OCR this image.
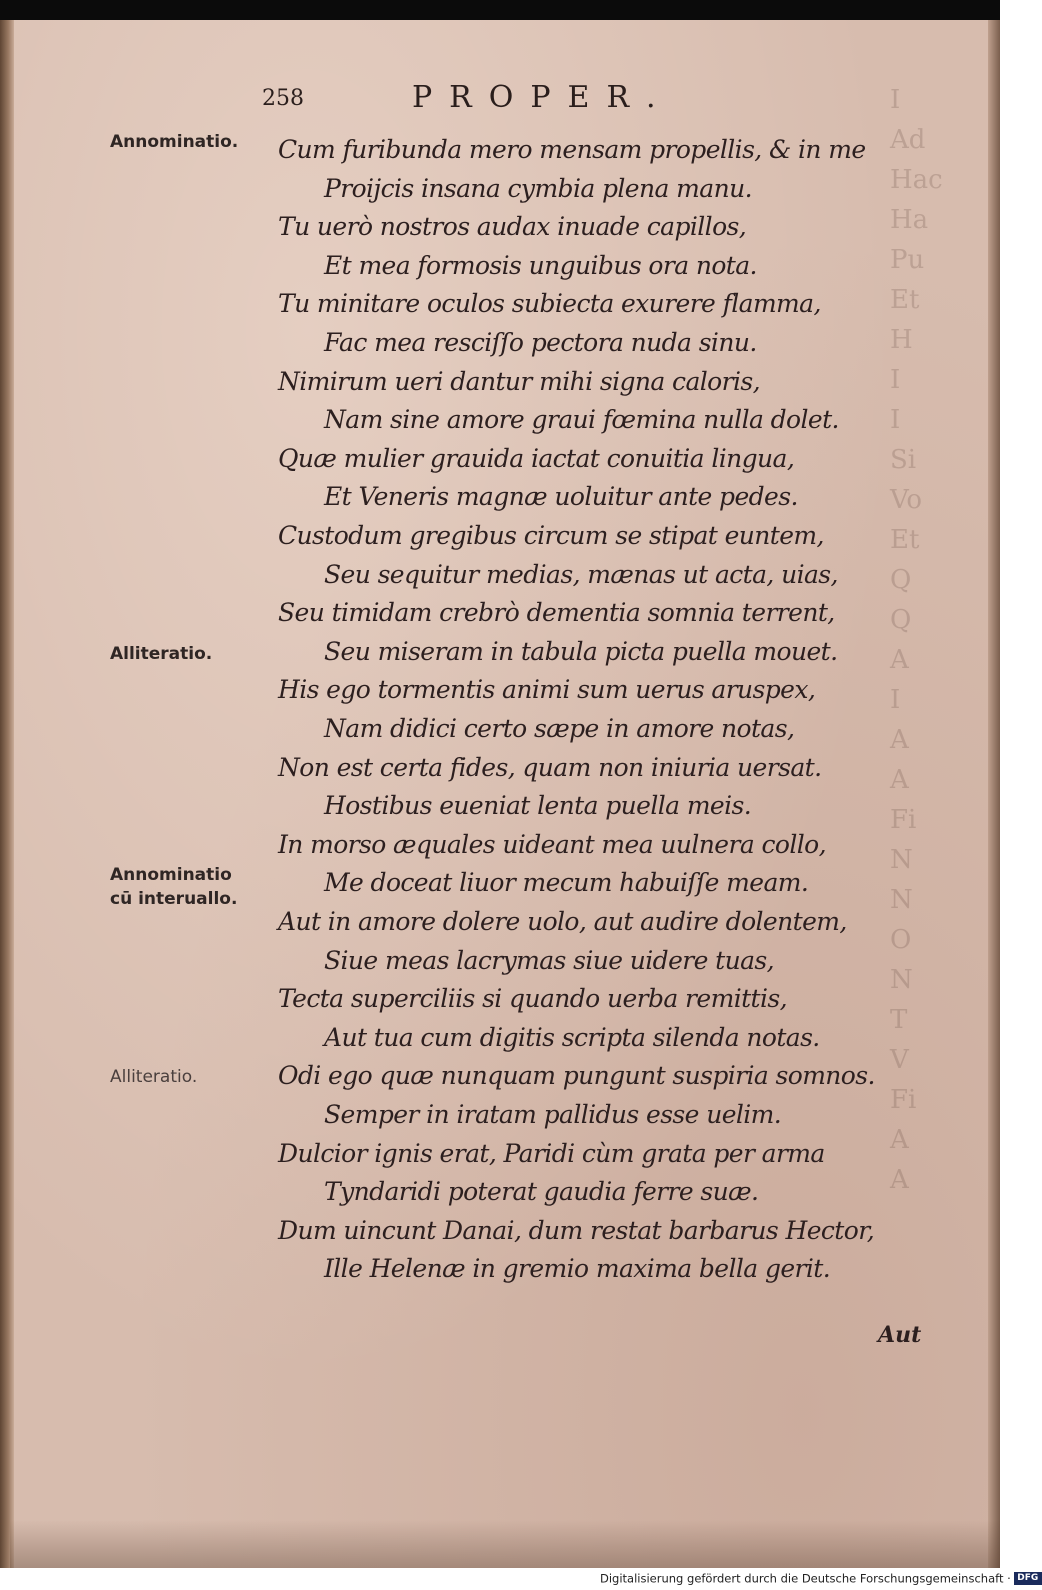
I
Ad
Hac
Ha
Pu
Et
H
I
I
Si
Vo
Et
Q
Q
A
I
A
A
Fi
N
N
O
N
T
V
Fi
A
A
258	PROPER.
Annominatio.
Alliteratio.
Annominatio
cū interuallo.
Alliteratio.
Cum furibunda mero mensam propellis, & in me
Proijcis insana cymbia plena manu.
Tu uerò nostros audax inuade capillos,
Et mea formosis unguibus ora nota.
Tu minitare oculos subiecta exurere flamma,
Fac mea resciſſo pectora nuda sinu.
Nimirum ueri dantur mihi signa caloris,
Nam sine amore graui fœmina nulla dolet.
Quæ mulier grauida iactat conuitia lingua,
Et Veneris magnæ uoluitur ante pedes.
Custodum gregibus circum se stipat euntem,
Seu sequitur medias, mænas ut acta, uias,
Seu timidam crebrò dementia somnia terrent,
Seu miseram in tabula picta puella mouet.
His ego tormentis animi sum uerus aruspex,
Nam didici certo sæpe in amore notas,
Non est certa fides, quam non iniuria uersat.
Hostibus eueniat lenta puella meis.
In morso æquales uideant mea uulnera collo,
Me doceat liuor mecum habuiſſe meam.
Aut in amore dolere uolo, aut audire dolentem,
Siue meas lacrymas siue uidere tuas,
Tecta superciliis si quando uerba remittis,
Aut tua cum digitis scripta silenda notas.
Odi ego quæ nunquam pungunt suspiria somnos.
Semper in iratam pallidus esse uelim.
Dulcior ignis erat, Paridi cùm grata per arma
Tyndaridi poterat gaudia ferre suæ.
Dum uincunt Danai, dum restat barbarus Hector,
Ille Helenæ in gremio maxima bella gerit.
Aut
Digitalisierung gefördert durch die Deutsche Forschungsgemeinschaft · DFG
